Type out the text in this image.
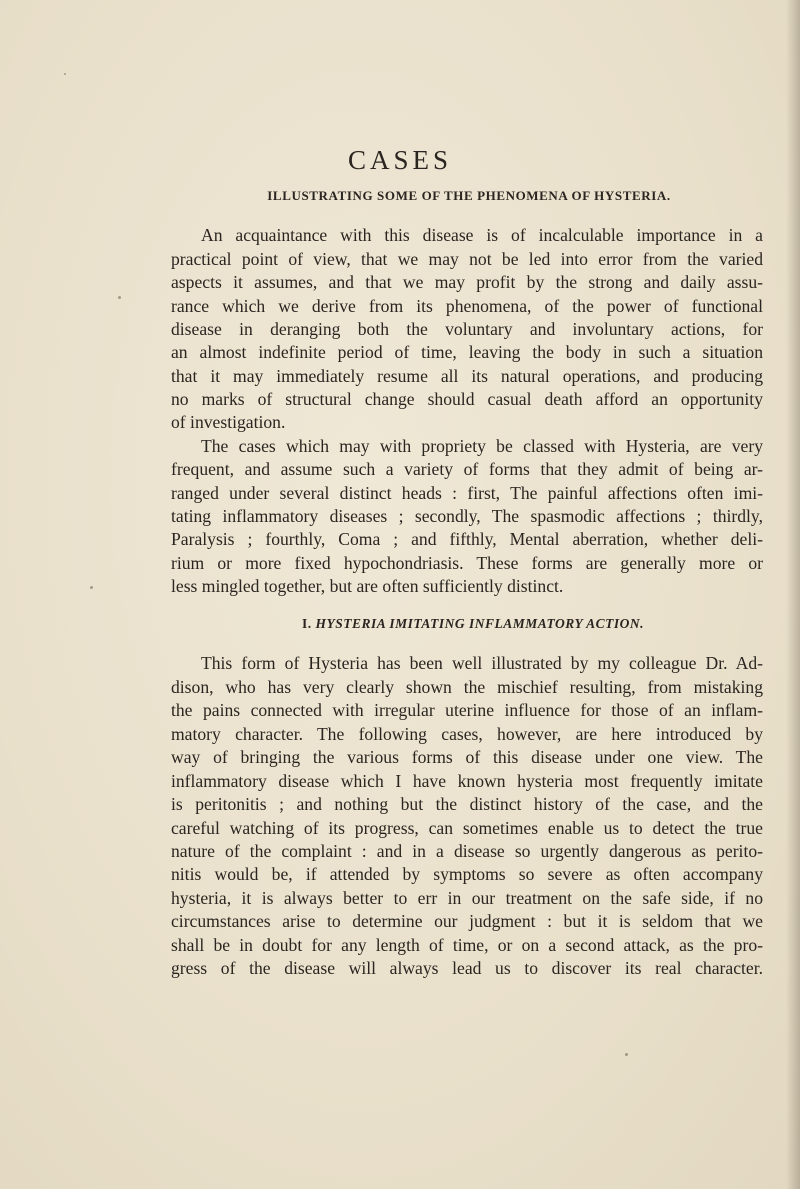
CASES
ILLUSTRATING SOME OF THE PHENOMENA OF HYSTERIA.
An acquaintance with this disease is of incalculable importance in a
practical point of view, that we may not be led into error from the varied
aspects it assumes, and that we may profit by the strong and daily assu-
rance which we derive from its phenomena, of the power of functional
disease in deranging both the voluntary and involuntary actions, for
an almost indefinite period of time, leaving the body in such a situation
that it may immediately resume all its natural operations, and producing
no marks of structural change should casual death afford an opportunity
of investigation.
The cases which may with propriety be classed with Hysteria, are very
frequent, and assume such a variety of forms that they admit of being ar-
ranged under several distinct heads : first, The painful affections often imi-
tating inflammatory diseases ; secondly, The spasmodic affections ; thirdly,
Paralysis ; fourthly, Coma ; and fifthly, Mental aberration, whether deli-
rium or more fixed hypochondriasis. These forms are generally more or
less mingled together, but are often sufficiently distinct.
I. HYSTERIA IMITATING INFLAMMATORY ACTION.
This form of Hysteria has been well illustrated by my colleague Dr. Ad-
dison, who has very clearly shown the mischief resulting, from mistaking
the pains connected with irregular uterine influence for those of an inflam-
matory character. The following cases, however, are here introduced by
way of bringing the various forms of this disease under one view. The
inflammatory disease which I have known hysteria most frequently imitate
is peritonitis ; and nothing but the distinct history of the case, and the
careful watching of its progress, can sometimes enable us to detect the true
nature of the complaint : and in a disease so urgently dangerous as perito-
nitis would be, if attended by symptoms so severe as often accompany
hysteria, it is always better to err in our treatment on the safe side, if no
circumstances arise to determine our judgment : but it is seldom that we
shall be in doubt for any length of time, or on a second attack, as the pro-
gress of the disease will always lead us to discover its real character.
